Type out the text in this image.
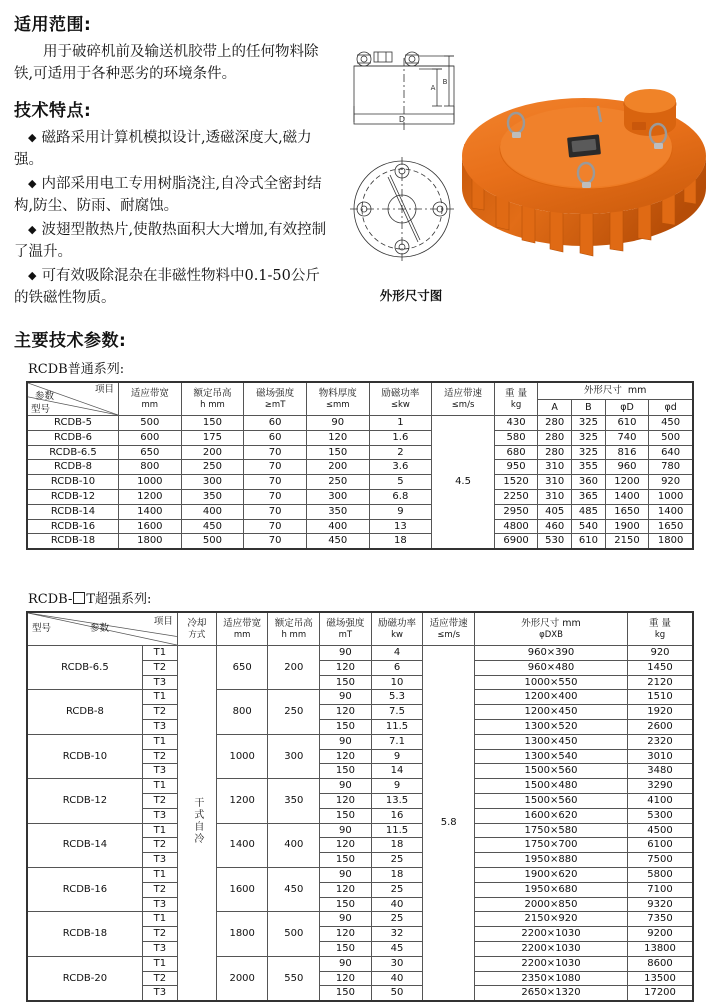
适用范围:

用于破碎机前及输送机胶带上的任何物料除铁,可适用于各种恶劣的环境条件。

技术特点:
◆ 磁路采用计算机模拟设计,透磁深度大,磁力强。
◆ 内部采用电工专用树脂浇注,自冷式全密封结构,防尘、防雨、耐腐蚀。
◆ 波翅型散热片,使散热面积大大增加,有效控制了温升。
◆ 可有效吸除混杂在非磁性物料中0.1-50公斤的铁磁性物质。
D
A
B
外形尺寸图
主要技术参数:
RCDB普通系列:
项目
参数
型号	适应带宽
mm	额定吊高
h mm	磁场强度
≥mT	物料厚度
≤mm	励磁功率
≤kw	适应带速
≤m/s	重 量
kg	外形尺寸 mm			
								A	B	φD	φd
RCDB-5	500	150	60	90	1	4.5	430	280	325	610	450
RCDB-6	600	175	60	120	1.6		580	280	325	740	500
RCDB-6.5	650	200	70	150	2		680	280	325	816	640
RCDB-8	800	250	70	200	3.6		950	310	355	960	780
RCDB-10	1000	300	70	250	5		1520	310	360	1200	920
RCDB-12	1200	350	70	300	6.8		2250	310	365	1400	1000
RCDB-14	1400	400	70	350	9		2950	405	485	1650	1400
RCDB-16	1600	450	70	400	13		4800	460	540	1900	1650
RCDB-18	1800	500	70	450	18		6900	530	610	2150	1800
RCDB- T超强系列:
项目
参数
型号		冷却
方式	适应带宽
mm	额定吊高
h mm	磁场强度
mT	励磁功率
kw	适应带速
≤m/s	外形尺寸 mm
φDXB	重 量
kg

RCDB-6.5	T1	干式自冷	650	200	90	4	5.8	960×390	920
	T2				120	6		960×480	1450
	T3				150	10		1000×550	2120
RCDB-8	T1		800	250	90	5.3		1200×400	1510
	T2				120	7.5		1200×450	1920
	T3				150	11.5		1300×520	2600
RCDB-10	T1		1000	300	90	7.1		1300×450	2320
	T2				120	9		1300×540	3010
	T3				150	14		1500×560	3480
RCDB-12	T1		1200	350	90	9		1500×480	3290
	T2				120	13.5		1500×560	4100
	T3				150	16		1600×620	5300
RCDB-14	T1		1400	400	90	11.5		1750×580	4500
	T2				120	18		1750×700	6100
	T3				150	25		1950×880	7500
RCDB-16	T1		1600	450	90	18		1900×620	5800
	T2				120	25		1950×680	7100
	T3				150	40		2000×850	9320
RCDB-18	T1		1800	500	90	25		2150×920	7350
	T2				120	32		2200×1030	9200
	T3				150	45		2200×1030	13800
RCDB-20	T1		2000	550	90	30		2200×1030	8600
	T2				120	40		2350×1080	13500
	T3				150	50		2650×1320	17200
